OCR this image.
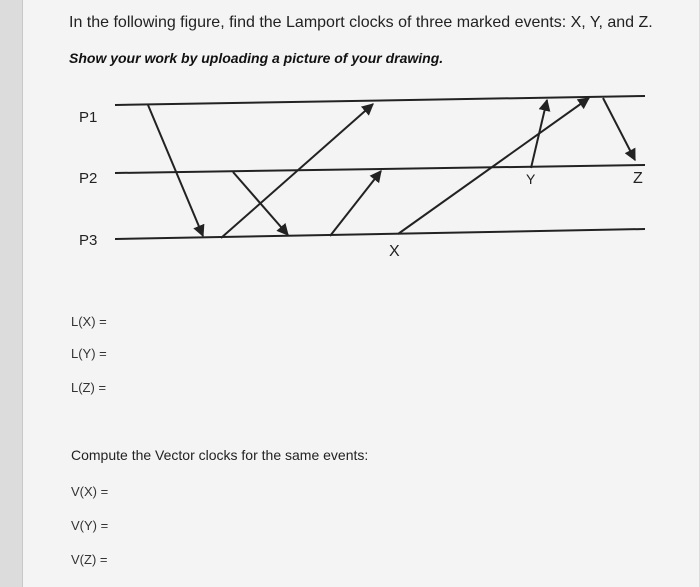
In the following figure, find the Lamport clocks of three marked events: X, Y, and Z.

Show your work by uploading a picture of your drawing.

P1
P2
P3
X
Y	Z
L(X) =
L(Y) =
L(Z) =

Compute the Vector clocks for the same events:

V(X) =
V(Y) =
V(Z) =
